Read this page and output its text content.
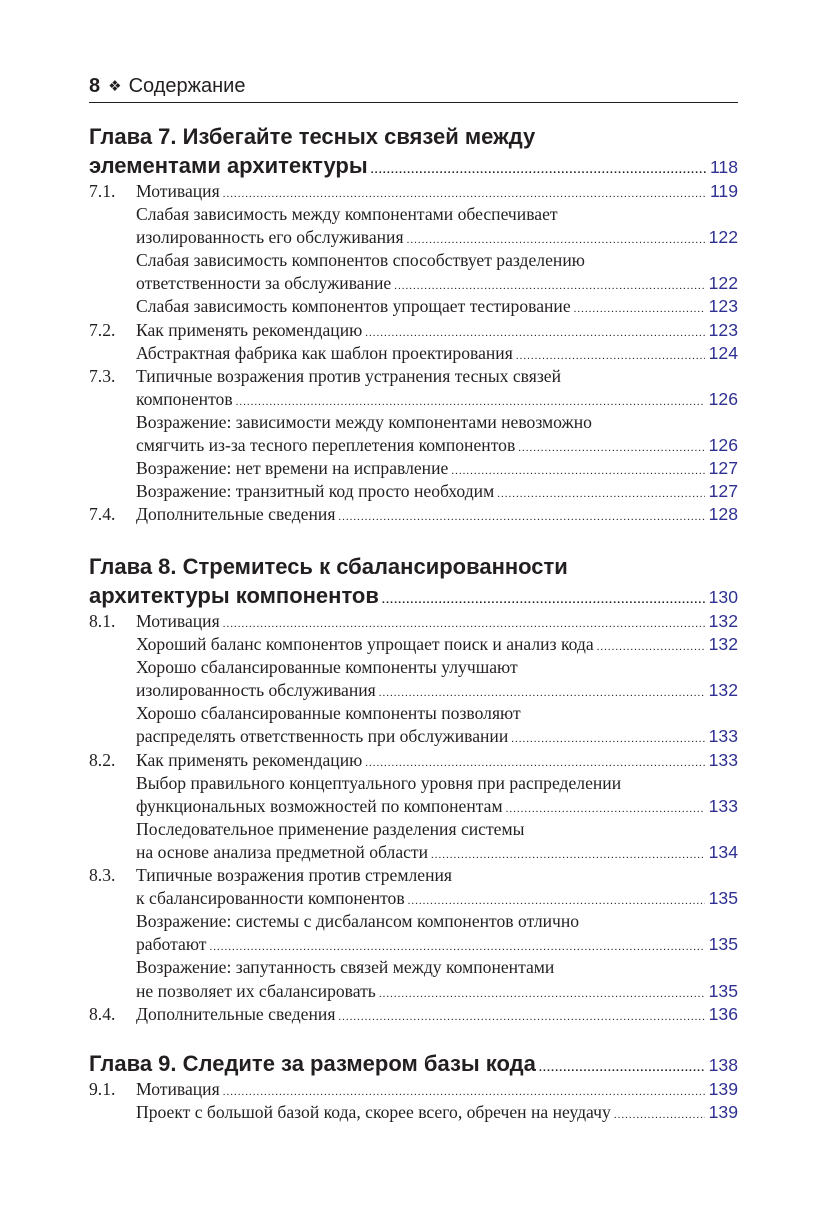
8 ❖ Содержание
Глава 7. Избегайте тесных связей между
элементами архитектуры .....	118
7.1.	Мотивация .....	119
Слабая зависимость между компонентами обеспечивает
изолированность его обслуживания .....	122
Слабая зависимость компонентов способствует разделению
ответственности за обслуживание .....	122
Слабая зависимость компонентов упрощает тестирование .....	123
7.2.	Как применять рекомендацию .....	123
Абстрактная фабрика как шаблон проектирования .....	124
7.3.	Типичные возражения против устранения тесных связей
компонентов .....	126
Возражение: зависимости между компонентами невозможно
смягчить из-за тесного переплетения компонентов .....	126
Возражение: нет времени на исправление .....	127
Возражение: транзитный код просто необходим .....	127
7.4.	Дополнительные сведения .....	128
Глава 8. Стремитесь к сбалансированности
архитектуры компонентов .....	130
8.1.	Мотивация .....	132
Хороший баланс компонентов упрощает поиск и анализ кода .....	132
Хорошо сбалансированные компоненты улучшают
изолированность обслуживания .....	132
Хорошо сбалансированные компоненты позволяют
распределять ответственность при обслуживании .....	133
8.2.	Как применять рекомендацию .....	133
Выбор правильного концептуального уровня при распределении
функциональных возможностей по компонентам .....	133
Последовательное применение разделения системы
на основе анализа предметной области .....	134
8.3.	Типичные возражения против стремления
к сбалансированности компонентов .....	135
Возражение: системы с дисбалансом компонентов отлично
работают .....	135
Возражение: запутанность связей между компонентами
не позволяет их сбалансировать .....	135
8.4.	Дополнительные сведения .....	136
Глава 9. Следите за размером базы кода .....	138
9.1.	Мотивация .....	139
Проект с большой базой кода, скорее всего, обречен на неудачу .....	139
